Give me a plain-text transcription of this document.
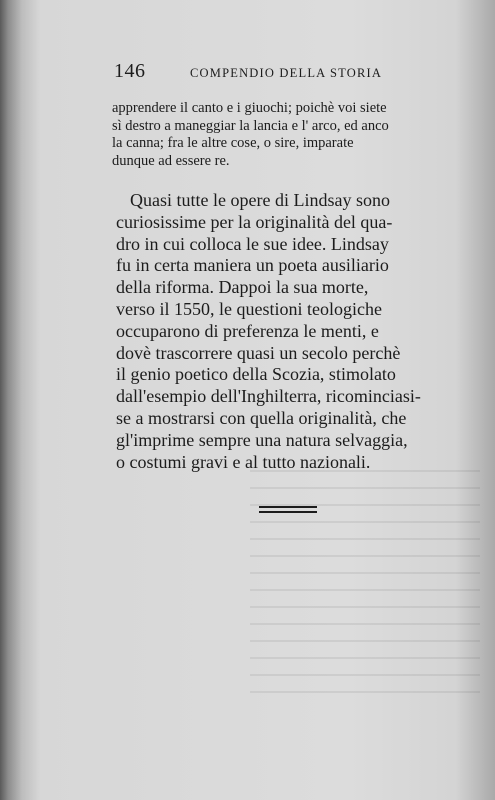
146	COMPENDIO DELLA STORIA

apprendere il canto e i giuochi; poichè voi siete
sì destro a maneggiar la lancia e l' arco, ed anco
la canna; fra le altre cose, o sire, imparate
dunque ad essere re.

Quasi tutte le opere di Lindsay sono
curiosissime per la originalità del qua-
dro in cui colloca le sue idee. Lindsay
fu in certa maniera un poeta ausiliario
della riforma. Dappoi la sua morte,
verso il 1550, le questioni teologiche
occuparono di preferenza le menti, e
dovè trascorrere quasi un secolo perchè
il genio poetico della Scozia, stimolato
dall'esempio dell'Inghilterra, ricominciasi-
se a mostrarsi con quella originalità, che
gl'imprime sempre una natura selvaggia,
o costumi gravi e al tutto nazionali.
